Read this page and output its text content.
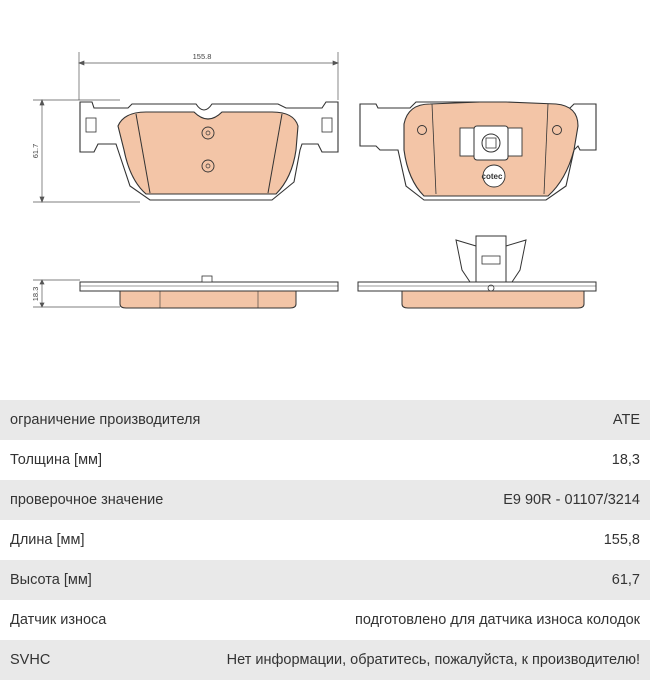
155.8
61.7
18.3
cotec
ограничение производителя	ATE
Толщина [мм]	18,3
проверочное значение	E9 90R - 01107/3214
Длина [мм]	155,8
Высота [мм]	61,7
Датчик износа	подготовлено для датчика износа колодок
SVHC	Нет информации, обратитесь, пожалуйста, к производителю!
